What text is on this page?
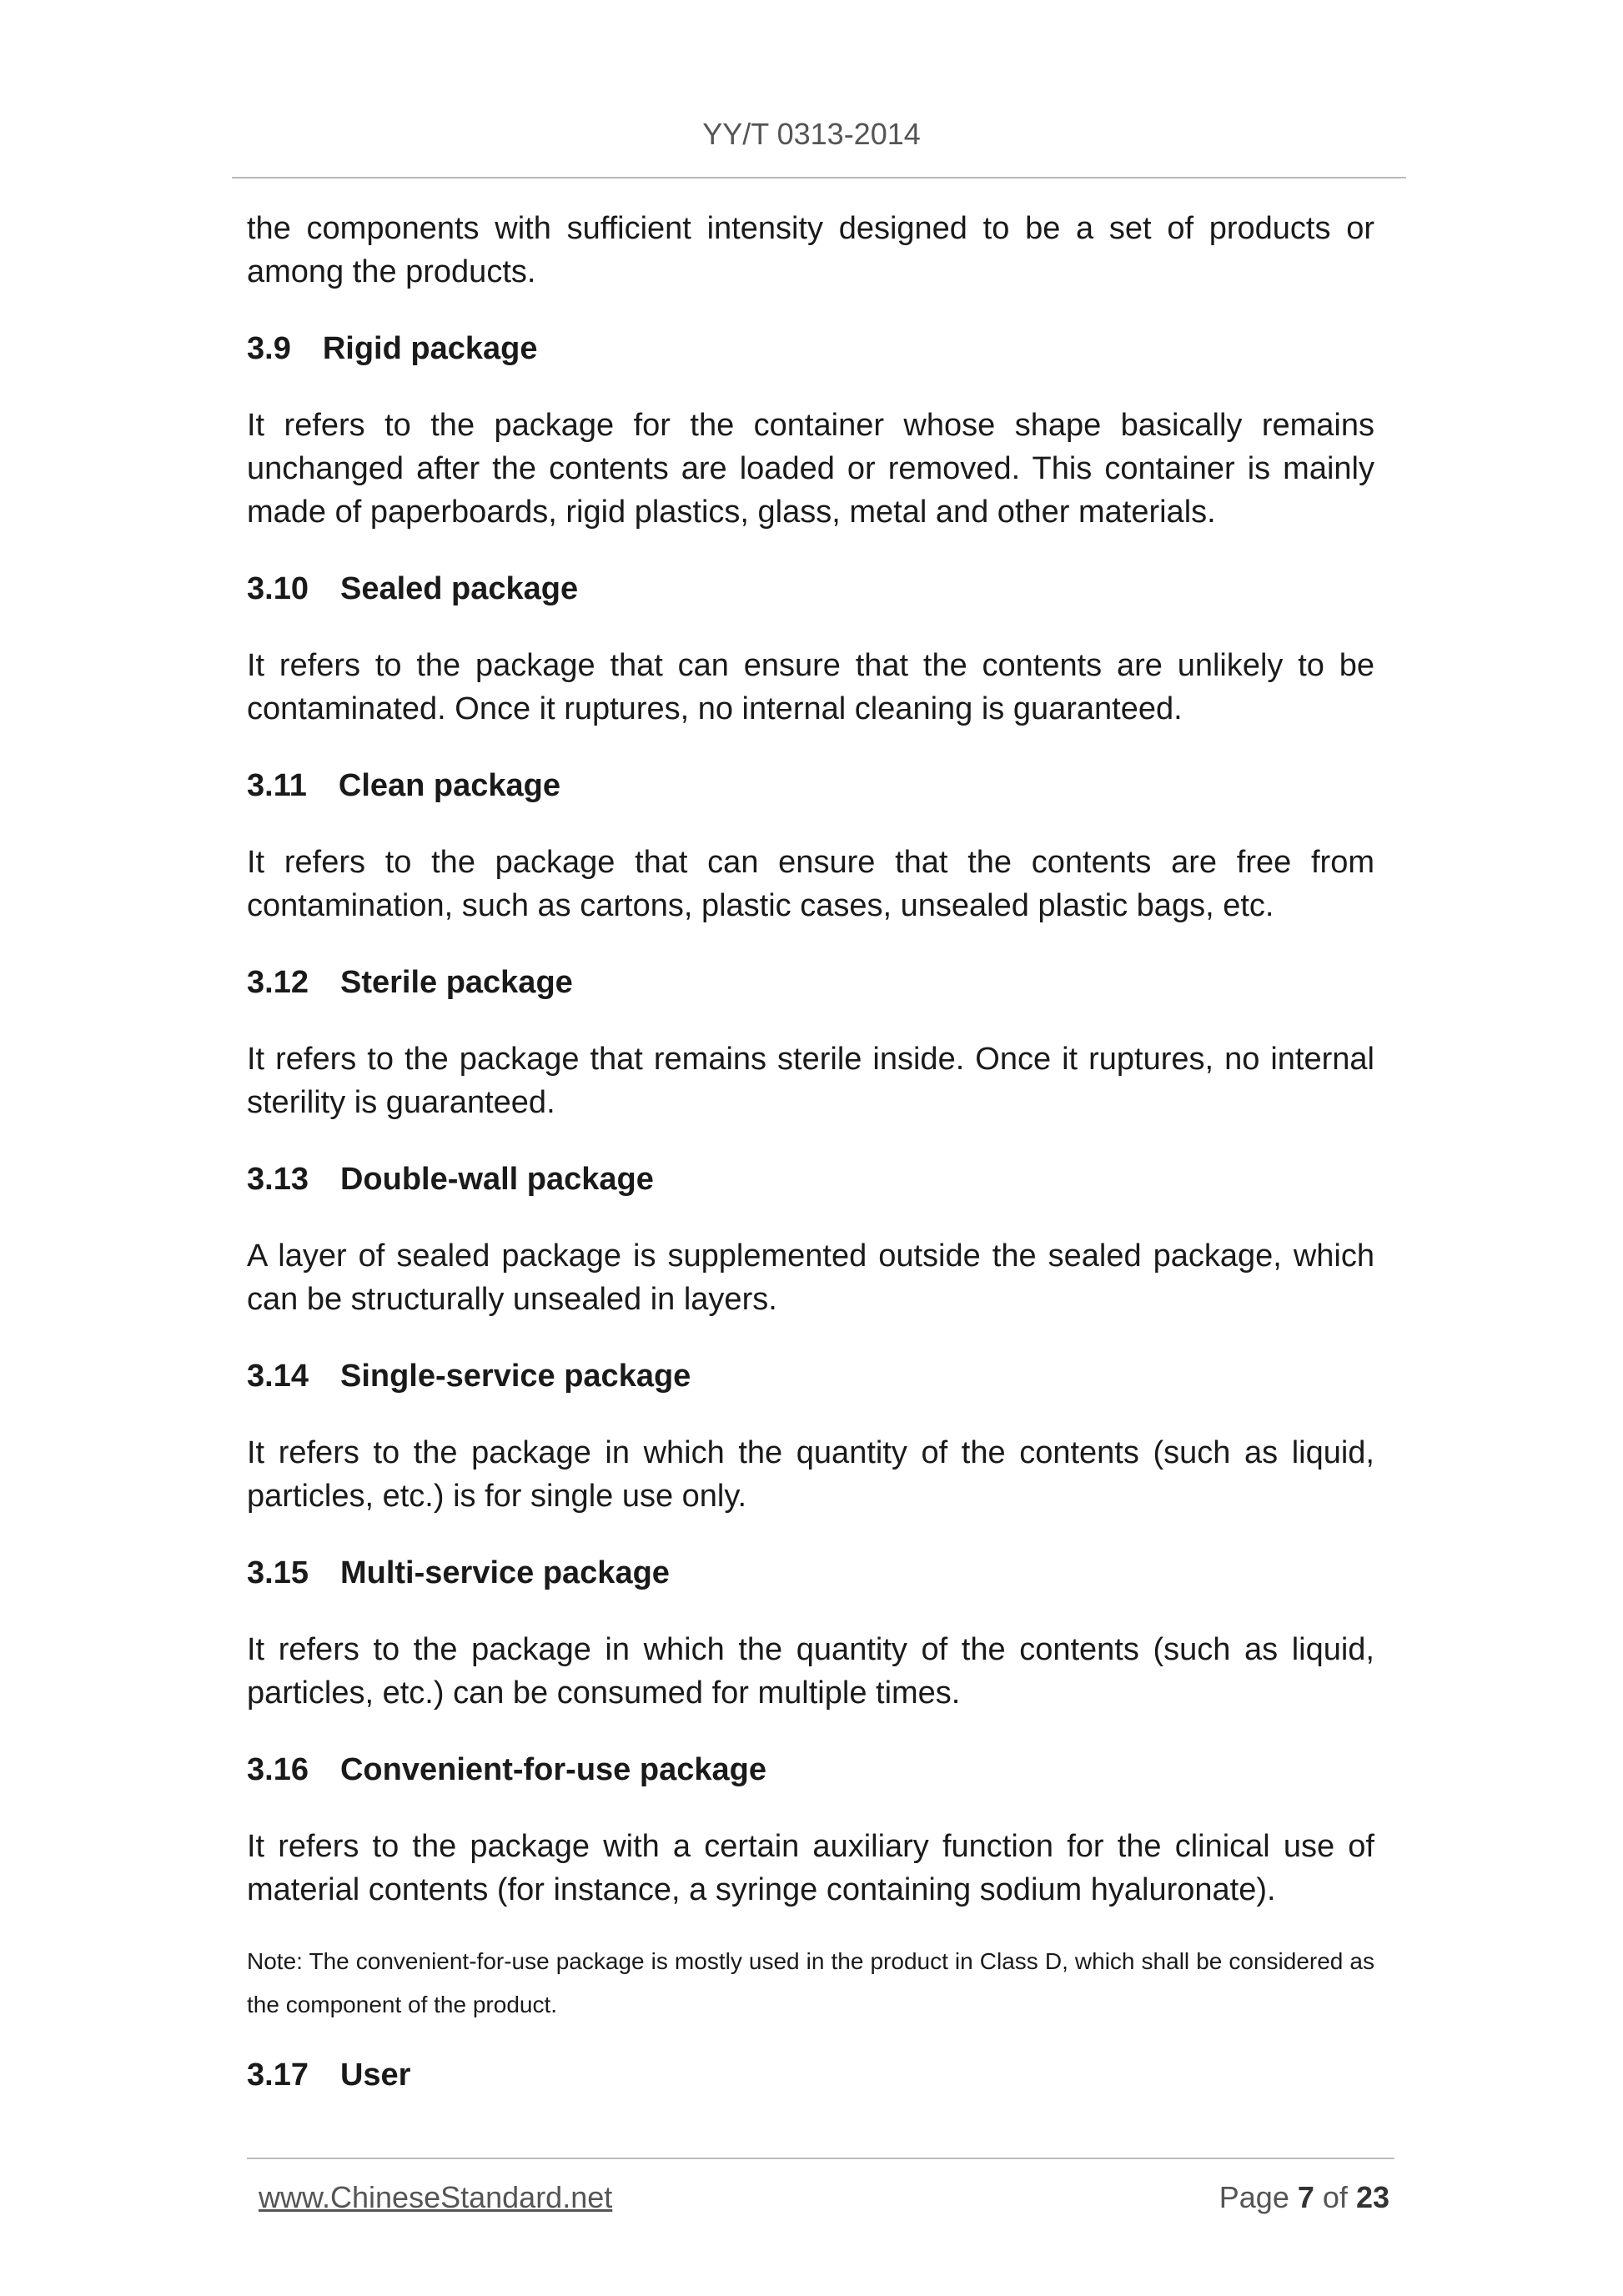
YY/T 0313-2014

the components with sufficient intensity designed to be a set of products or among the products.

3.9 Rigid package

It refers to the package for the container whose shape basically remains unchanged after the contents are loaded or removed. This container is mainly made of paperboards, rigid plastics, glass, metal and other materials.

3.10 Sealed package

It refers to the package that can ensure that the contents are unlikely to be contaminated. Once it ruptures, no internal cleaning is guaranteed.

3.11 Clean package

It refers to the package that can ensure that the contents are free from contamination, such as cartons, plastic cases, unsealed plastic bags, etc.

3.12 Sterile package

It refers to the package that remains sterile inside. Once it ruptures, no internal sterility is guaranteed.

3.13 Double-wall package

A layer of sealed package is supplemented outside the sealed package, which can be structurally unsealed in layers.

3.14 Single-service package

It refers to the package in which the quantity of the contents (such as liquid, particles, etc.) is for single use only.

3.15 Multi-service package

It refers to the package in which the quantity of the contents (such as liquid, particles, etc.) can be consumed for multiple times.

3.16 Convenient-for-use package

It refers to the package with a certain auxiliary function for the clinical use of material contents (for instance, a syringe containing sodium hyaluronate).

Note: The convenient-for-use package is mostly used in the product in Class D, which shall be considered as the component of the product.

3.17 User
www.ChineseStandard.net	Page 7 of 23
